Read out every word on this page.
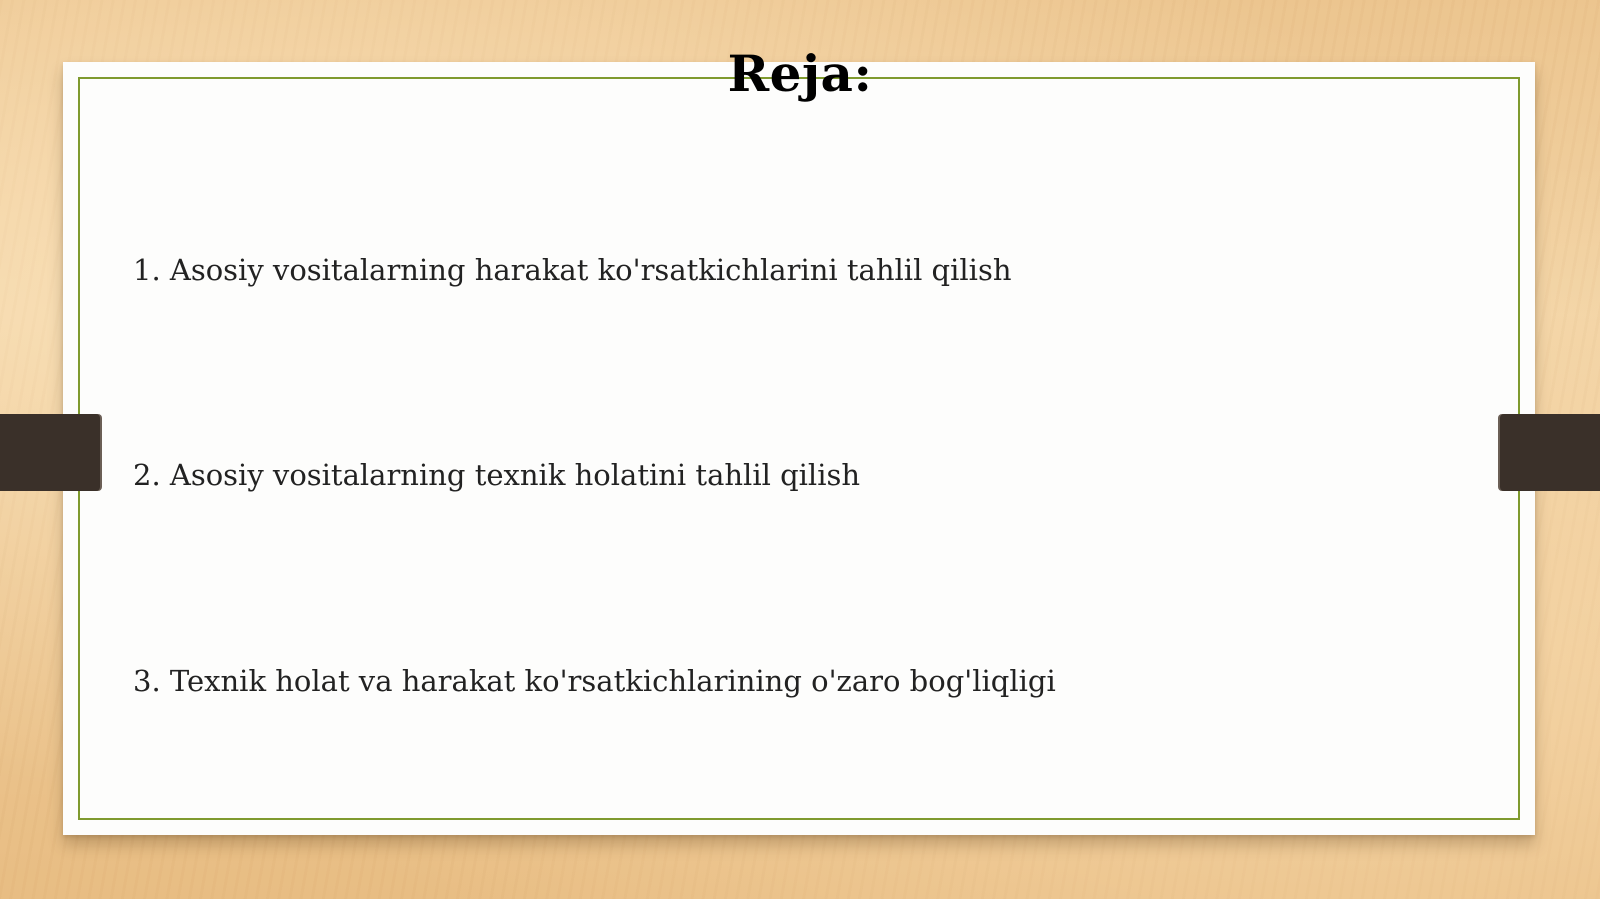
Reja:

1. Asosiy vositalarning harakat ko'rsatkichlarini tahlil qilish

2. Asosiy vositalarning texnik holatini tahlil qilish

3. Texnik holat va harakat ko'rsatkichlarining o'zaro bog'liqligi
